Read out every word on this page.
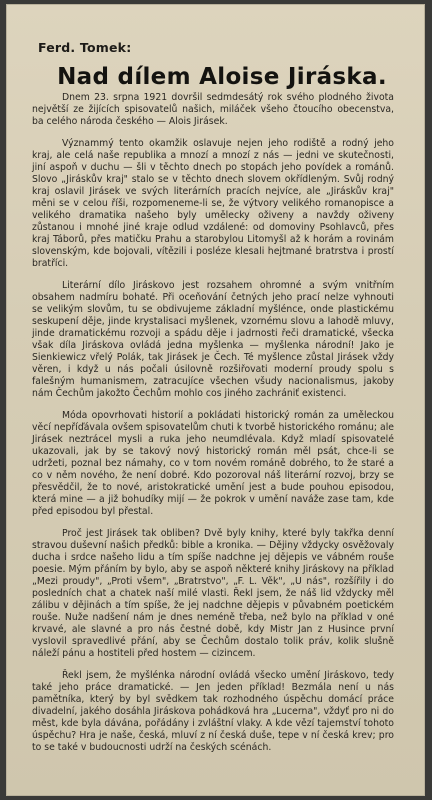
Ferd. Tomek:
Nad dílem Aloise Jiráska.

Dnem 23. srpna 1921 dovršil sedmdesátý rok svého plodného života největší ze žijících spisovatelů našich, miláček všeho čtoucího obecenstva, ba celého národa českého — Alois Jirásek.

Význammý tento okamžik oslavuje nejen jeho rodiště a rodný jeho kraj, ale celá naše republika a mnozí a mnozí z nás — jedni ve skutečnosti, jiní aspoň v duchu — šli v těchto dnech po stopách jeho povídek a románů. Slovo „Jiráskův kraj" stalo se v těchto dnech slovem okřídleným. Svůj rodný kraj oslavil Jirásek ve svých literárních pracích nejvíce, ale „Jiráskův kraj" měni se v celou říši, rozpomeneme-li se, že výtvory velikého romanopisce a velikého dramatika našeho byly umělecky oživeny a navždy oživeny zůstanou i mnohé jiné kraje odlud vzdálené: od domoviny Psohlavců, přes kraj Táborů, přes matičku Prahu a starobylou Litomyšl až k horám a rovinám slovenským, kde bojovali, vítězili i posléze klesali hejtmané bratrstva i prostí bratříci.

Literární dílo Jiráskovo jest rozsahem ohromné a svým vnitřním obsahem nadmíru bohaté. Při oceňování četných jeho prací nelze vyhnouti se velikým slovům, tu se obdivujeme základní myšlénce, onde plastickému seskupení děje, jinde krystalisaci myšlenek, vzornému slovu a lahodě mluvy, jinde dramatickému rozvoji a spádu děje i jadrnosti řeči dramatické, všecka však díla Jiráskova ovládá jedna myšlenka — myšlenka národní! Jako je Sienkiewicz vřelý Polák, tak Jirásek je Čech. Té myšlence zůstal Jirásek vždy věren, i když u nás počali úsilovně rozšiřovati moderní proudy spolu s falešným humanismem, zatracujíce všechen všudy nacionalismus, jakoby nám Čechům jakožto Čechům mohlo cos jiného zachrániť existenci.

Móda opovrhovati historií a pokládati historický román za uměleckou věcí nepříďávala ovšem spisovatelům chuti k tvorbě historického románu; ale Jirásek neztrácel mysli a ruka jeho neumdlévala. Když mladí spisovatelé ukazovali, jak by se takový nový historický román měl psát, chce-li se udržeti, poznal bez námahy, co v tom novém románě dobrého, to že staré a co v něm nového, že není dobré. Kdo pozoroval náš literární rozvoj, brzy se přesvědčil, že to nové, aristokratické umění jest a bude pouhou episodou, která mine — a již bohudíky mijí — že pokrok v umění naváže zase tam, kde před episodou byl přestal.

Proč jest Jirásek tak obliben? Dvě byly knihy, které byly takřka denní stravou duševní našich předků: bible a kronika. — Dějiny vždycky osvěžovaly ducha i srdce našeho lidu a tím spíše nadchne jej dějepis ve vábném rouše poesie. Mým přáním by bylo, aby se aspoň některé knihy Jiráskovy na příklad „Mezi proudy", „Proti všem", „Bratrstvo", „F. L. Věk", „U nás", rozšířily i do posledních chat a chatek naší milé vlasti. Řekl jsem, že náš lid vždycky měl zálibu v dějinách a tím spíše, že jej nadchne dějepis v půvabném poetickém rouše. Nuže nadšení nám je dnes neméně třeba, než bylo na příklad v oné krvavé, ale slavné a pro nás čestné době, kdy Mistr Jan z Husince první vyslovil spravedlivé přání, aby se Čechům dostalo tolik práv, kolik slušně náleží pánu a hostiteli před hostem — cizincem.

Řekl jsem, že myšlénka národní ovládá všecko umění Jiráskovo, tedy také jeho práce dramatické. — Jen jeden příklad! Bezmála není u nás pamětníka, který by byl svědkem tak rozhodného úspěchu domácí práce divadelní, jakého dosáhla Jiráskova pohádková hra „Lucerna", vždyť pro ni do měst, kde byla dávána, pořádány i zvláštní vlaky. A kde vězí tajemství tohoto úspěchu? Hra je naše, česká, mluví z ní česká duše, tepe v ní česká krev; pro to se také v budoucnosti udrží na českých scénách.
